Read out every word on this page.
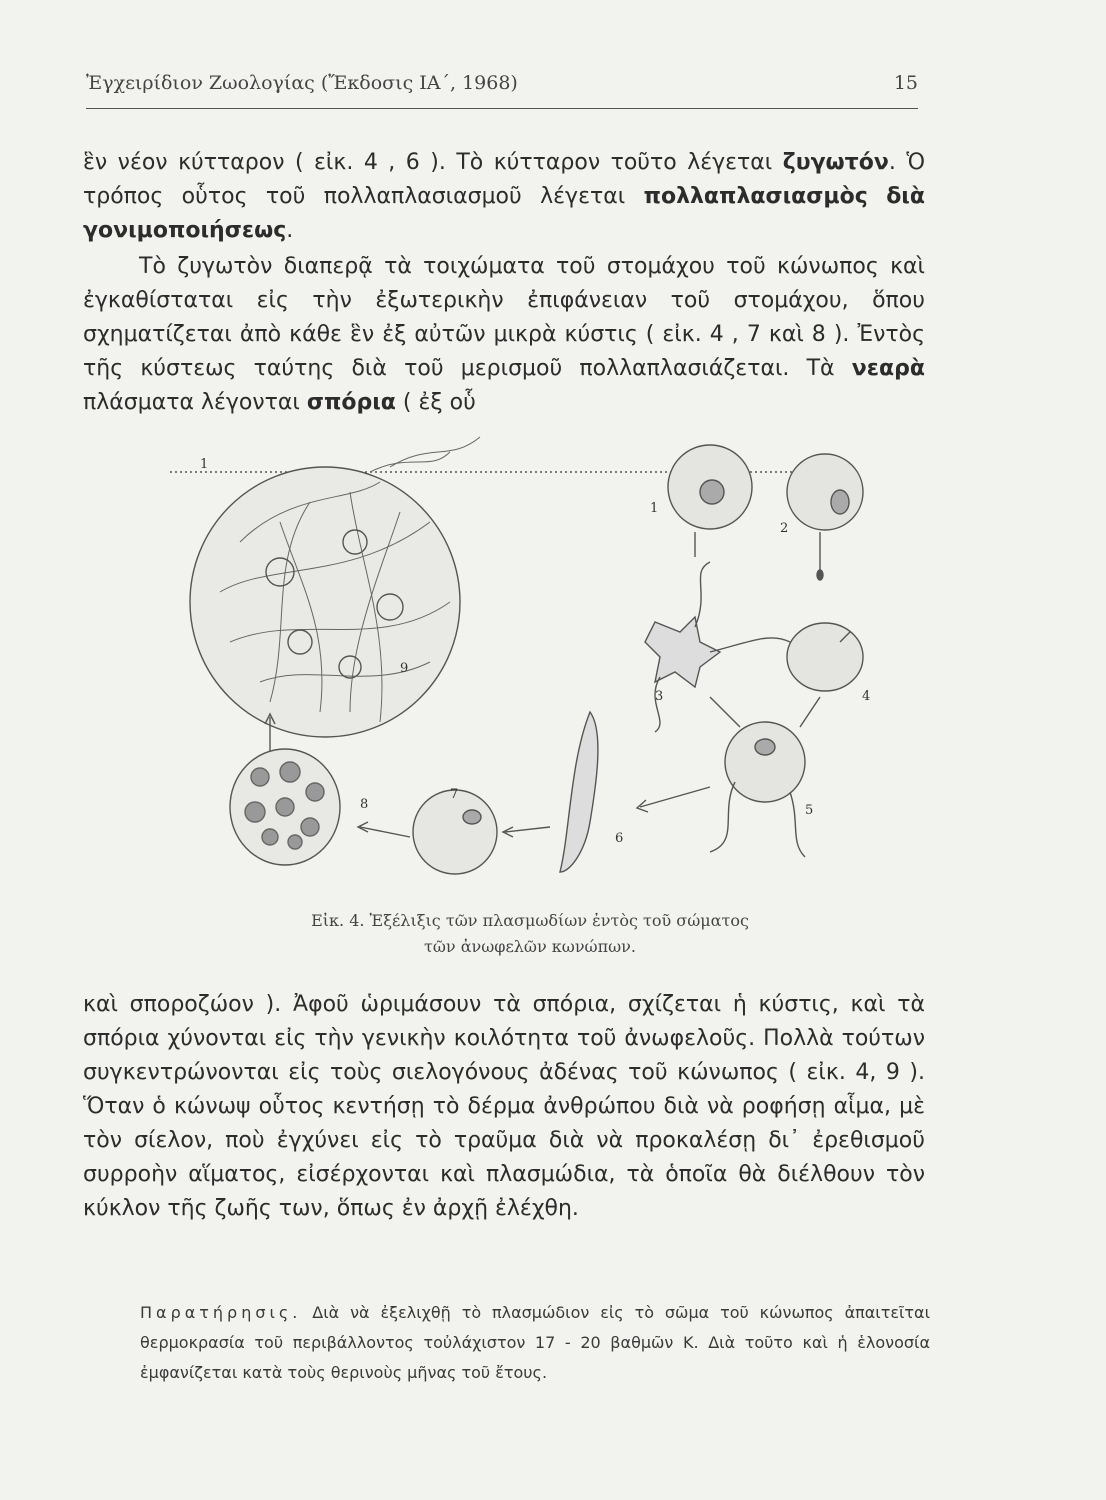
Ἐγχειρίδιον Ζωολογίας (Ἔκδοσις ΙΑ΄, 1968)	15

ἓν νέον κύτταρον ( εἰκ. 4 , 6 ). Τὸ κύτταρον τοῦτο λέγεται ζυγωτόν. Ὁ τρόπος οὗτος τοῦ πολλαπλασιασμοῦ λέγεται πολλαπλασιασμὸς διὰ γονιμοποιήσεως.

Τὸ ζυγωτὸν διαπερᾷ τὰ τοιχώματα τοῦ στομάχου τοῦ κώνωπος καὶ ἐγκαθίσταται εἰς τὴν ἐξωτερικὴν ἐπιφάνειαν τοῦ στομάχου, ὅπου σχηματίζεται ἀπὸ κάθε ἓν ἐξ αὐτῶν μικρὰ κύστις ( εἰκ. 4 , 7 καὶ 8 ). Ἐντὸς τῆς κύστεως ταύτης διὰ τοῦ μερισμοῦ πολλαπλασιάζεται. Τὰ νεαρὰ πλάσματα λέγονται σπόρια ( ἐξ οὗ

1
1
2
3	4
5
6
7
8
9
Εἰκ. 4. Ἐξέλιξις τῶν πλασμωδίων ἐντὸς τοῦ σώματος
τῶν ἀνωφελῶν κωνώπων.

καὶ σποροζώον ). Ἀφοῦ ὡριμάσουν τὰ σπόρια, σχίζεται ἡ κύστις, καὶ τὰ σπόρια χύνονται εἰς τὴν γενικὴν κοιλότητα τοῦ ἀνωφελοῦς. Πολλὰ τούτων συγκεντρώνονται εἰς τοὺς σιελογόνους ἀδένας τοῦ κώνωπος ( εἰκ. 4, 9 ). Ὅταν ὁ κώνωψ οὗτος κεντήσῃ τὸ δέρμα ἀνθρώπου διὰ νὰ ροφήσῃ αἷμα, μὲ τὸν σίελον, ποὺ ἐγχύνει εἰς τὸ τραῦμα διὰ νὰ προκαλέσῃ δι᾽ ἐρεθισμοῦ συρροὴν αἵματος, εἰσέρχονται καὶ πλασμώδια, τὰ ὁποῖα θὰ διέλθουν τὸν κύκλον τῆς ζωῆς των, ὅπως ἐν ἀρχῇ ἐλέχθη.

Παρατήρησις. Διὰ νὰ ἐξελιχθῇ τὸ πλασμώδιον εἰς τὸ σῶμα τοῦ κώνωπος ἀπαιτεῖται θερμοκρασία τοῦ περιβάλλοντος τοὐλάχιστον 17 - 20 βαθμῶν Κ. Διὰ τοῦτο καὶ ἡ ἑλονοσία ἐμφανίζεται κατὰ τοὺς θερινοὺς μῆνας τοῦ ἔτους.
